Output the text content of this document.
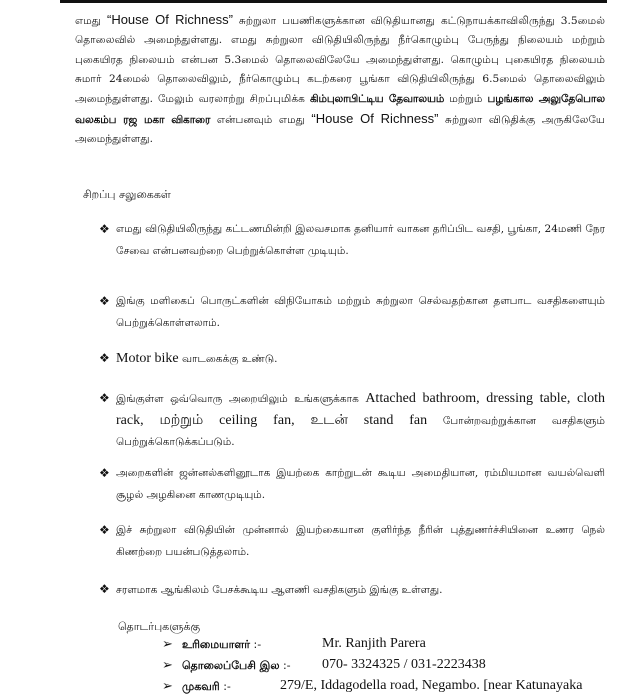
எமது “House Of Richness” சுற்றுலா பயணிகளுக்கான விடுதியானது கட்டுநாயக்காவிலிருந்து 3.5மைல் தொலைவில் அமைந்துள்ளது. எமது சுற்றுலா விடுதியிலிருந்து நீர்கொழும்பு பேருந்து நிலையம் மற்றும் புகையிரத நிலையம் என்பன 5.3மைல் தொலைவிலேயே அமைந்துள்ளது. கொழும்பு புகையிரத நிலையம் சுமார் 24மைல் தொலைவிலும், நீர்கொழும்பு கடற்கரை பூங்கா விடுதியிலிருந்து 6.5மைல் தொலைவிலும் அமைந்துள்ளது. மேலும் வரலாற்று சிறப்புமிக்க கிம்புலாபிட்டிய தேவாலயம் மற்றும் பழங்கால அலுதேபொல வலகம்ப ரஜ மகா விகாரை என்பனவும் எமது “House Of Richness” சுற்றுலா விடுதிக்கு அருகிலேயே அமைந்துள்ளது.

சிறப்பு சலுகைகள்
❖ எமது விடுதியிலிருந்து கட்டணமின்றி இலவசமாக தனியார் வாகன தரிப்பிட வசதி, பூங்கா, 24மணி நேர சேவை என்பனவற்றை பெற்றுக்கொள்ள முடியும்.
❖ இங்கு மளிகைப் பொருட்களின் விநியோகம் மற்றும் சுற்றுலா செல்வதற்கான தளபாட வசதிகளையும் பெற்றுக்கொள்ளலாம்.
❖ Motor bike வாடகைக்கு உண்டு.
❖ இங்குள்ள ஒவ்வொரு அறையிலும் உங்களுக்காக Attached bathroom, dressing table, cloth rack, மற்றும் ceiling fan, உடன் stand fan போன்றவற்றுக்கான வசதிகளும் பெற்றுக்கொடுக்கப்படும்.
❖ அறைகளின் ஜன்னல்களினூடாக இயற்கை காற்றுடன் கூடிய அமைதியான, ரம்மியமான வயல்வெளி சூழல் அழகினை காணமுடியும்.
❖ இச் சுற்றுலா விடுதியின் முன்னால் இயற்கையான குளிர்ந்த நீரின் புத்துணர்ச்சியினை உணர நெல் கிணற்றை பயன்படுத்தலாம்.
❖ சரளமாக ஆங்கிலம் பேசக்கூடிய ஆளணி வசதிகளும் இங்கு உள்ளது.
தொடர்புகளுக்கு
➢ உரிமையாளர் :-	Mr. Ranjith Parera
➢ தொலைப்பேசி இல :- 070- 3324325 / 031-2223438
➢ முகவரி :-	279/E, Iddagodella road, Negambo. [near Katunayaka
